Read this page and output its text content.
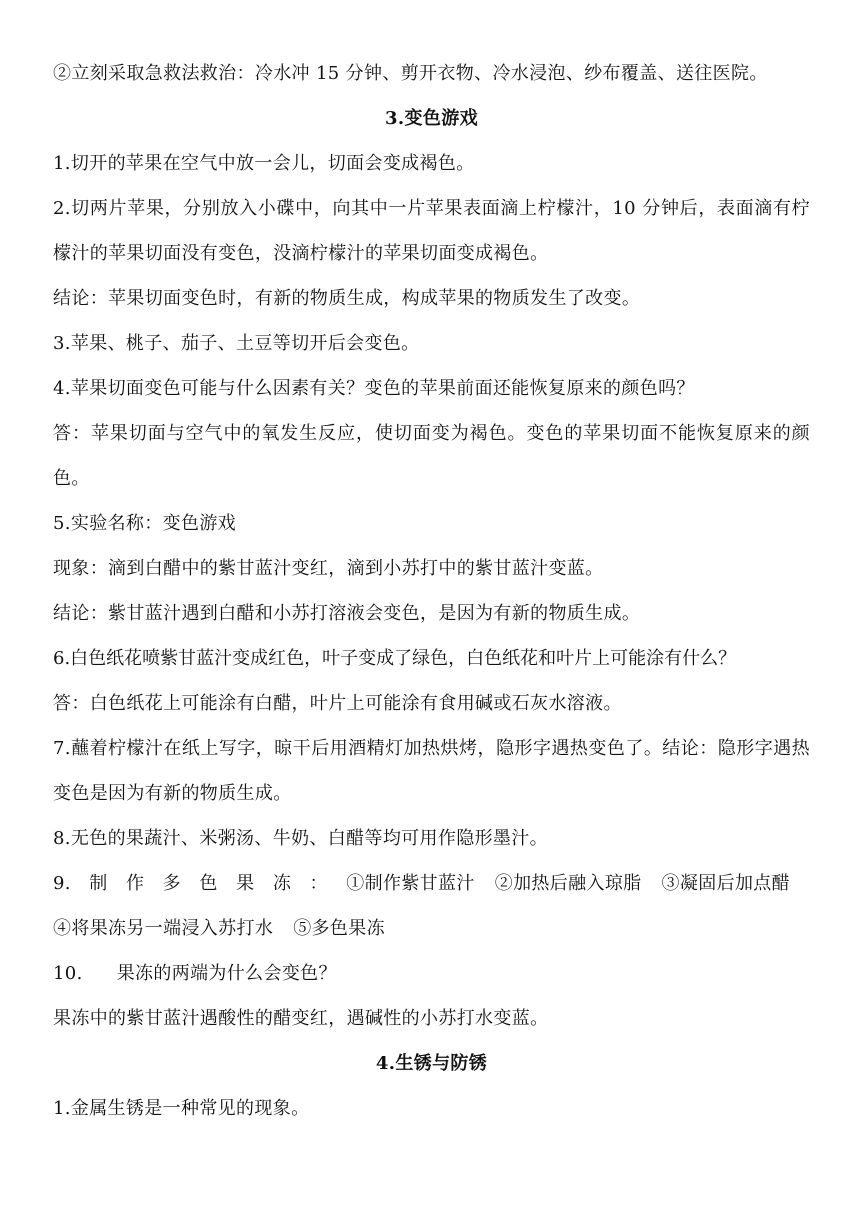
②立刻采取急救法救治：冷水冲 15 分钟、剪开衣物、冷水浸泡、纱布覆盖、送往医院。

3.变色游戏

1.切开的苹果在空气中放一会儿，切面会变成褐色。

2.切两片苹果，分别放入小碟中，向其中一片苹果表面滴上柠檬汁，10 分钟后，表面滴有柠檬汁的苹果切面没有变色，没滴柠檬汁的苹果切面变成褐色。

结论：苹果切面变色时，有新的物质生成，构成苹果的物质发生了改变。

3.苹果、桃子、茄子、土豆等切开后会变色。

4.苹果切面变色可能与什么因素有关？变色的苹果前面还能恢复原来的颜色吗？

答：苹果切面与空气中的氧发生反应，使切面变为褐色。变色的苹果切面不能恢复原来的颜色。

5.实验名称：变色游戏

现象：滴到白醋中的紫甘蓝汁变红，滴到小苏打中的紫甘蓝汁变蓝。

结论：紫甘蓝汁遇到白醋和小苏打溶液会变色，是因为有新的物质生成。

6.白色纸花喷紫甘蓝汁变成红色，叶子变成了绿色，白色纸花和叶片上可能涂有什么？

答：白色纸花上可能涂有白醋，叶片上可能涂有食用碱或石灰水溶液。

7.蘸着柠檬汁在纸上写字，晾干后用酒精灯加热烘烤，隐形字遇热变色了。结论：隐形字遇热变色是因为有新的物质生成。

8.无色的果蔬汁、米粥汤、牛奶、白醋等均可用作隐形墨汁。

9.制作多色果冻：①制作紫甘蓝汁 ②加热后融入琼脂 ③凝固后加点醋④将果冻另一端浸入苏打水 ⑤多色果冻

10. 果冻的两端为什么会变色？

果冻中的紫甘蓝汁遇酸性的醋变红，遇碱性的小苏打水变蓝。

4.生锈与防锈

1.金属生锈是一种常见的现象。
